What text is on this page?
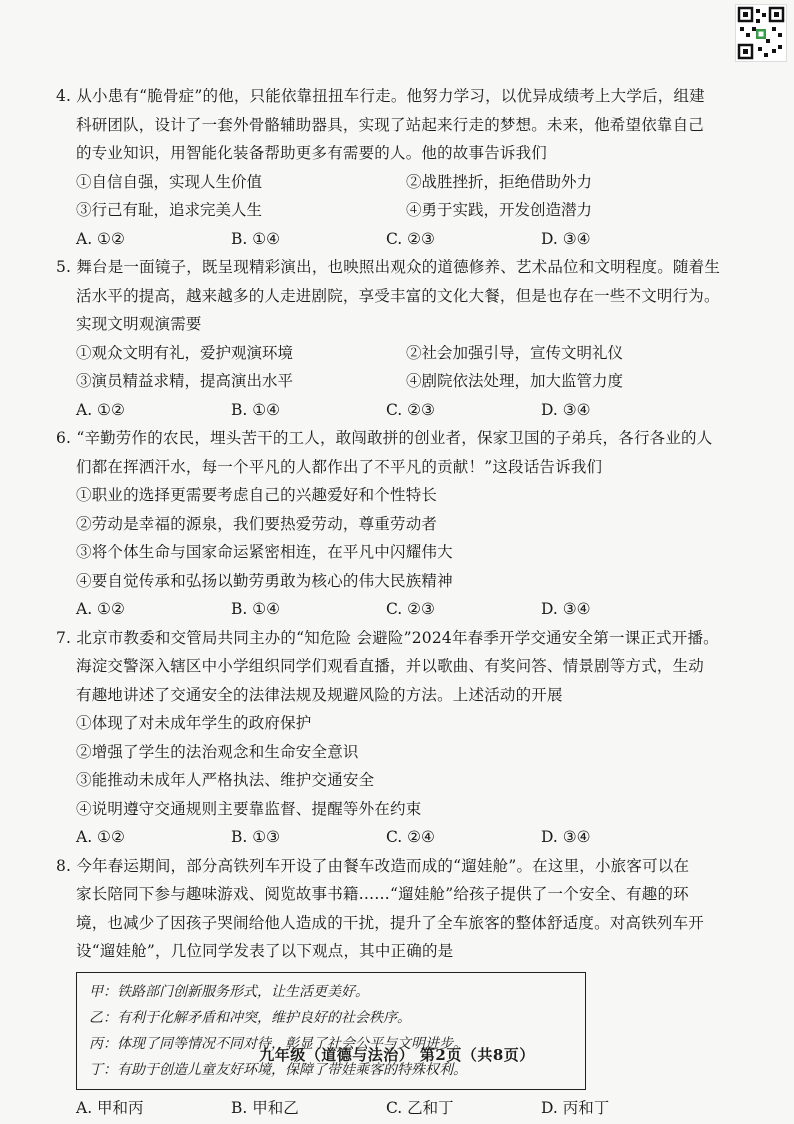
4. 从小患有“脆骨症”的他，只能依靠扭扭车行走。他努力学习，以优异成绩考上大学后，组建
科研团队，设计了一套外骨骼辅助器具，实现了站起来行走的梦想。未来，他希望依靠自己
的专业知识，用智能化装备帮助更多有需要的人。他的故事告诉我们
①自信自强，实现人生价值	②战胜挫折，拒绝借助外力
③行己有耻，追求完美人生	④勇于实践，开发创造潜力
A. ①②	B. ①④	C. ②③	D. ③④
5. 舞台是一面镜子，既呈现精彩演出，也映照出观众的道德修养、艺术品位和文明程度。随着生
活水平的提高，越来越多的人走进剧院，享受丰富的文化大餐，但是也存在一些不文明行为。
实现文明观演需要
①观众文明有礼，爱护观演环境	②社会加强引导，宣传文明礼仪
③演员精益求精，提高演出水平	④剧院依法处理，加大监管力度
A. ①②	B. ①④	C. ②③	D. ③④
6. “辛勤劳作的农民，埋头苦干的工人，敢闯敢拼的创业者，保家卫国的子弟兵，各行各业的人
们都在挥洒汗水，每一个平凡的人都作出了不平凡的贡献！”这段话告诉我们
①职业的选择更需要考虑自己的兴趣爱好和个性特长
②劳动是幸福的源泉，我们要热爱劳动，尊重劳动者
③将个体生命与国家命运紧密相连，在平凡中闪耀伟大
④要自觉传承和弘扬以勤劳勇敢为核心的伟大民族精神
A. ①②	B. ①④	C. ②③	D. ③④
7. 北京市教委和交管局共同主办的“知危险 会避险”2024年春季开学交通安全第一课正式开播。
海淀交警深入辖区中小学组织同学们观看直播，并以歌曲、有奖问答、情景剧等方式，生动
有趣地讲述了交通安全的法律法规及规避风险的方法。上述活动的开展
①体现了对未成年学生的政府保护
②增强了学生的法治观念和生命安全意识
③能推动未成年人严格执法、维护交通安全
④说明遵守交通规则主要靠监督、提醒等外在约束
A. ①②	B. ①③	C. ②④	D. ③④
8. 今年春运期间，部分高铁列车开设了由餐车改造而成的“遛娃舱”。在这里，小旅客可以在
家长陪同下参与趣味游戏、阅览故事书籍……“遛娃舱”给孩子提供了一个安全、有趣的环
境，也减少了因孩子哭闹给他人造成的干扰，提升了全车旅客的整体舒适度。对高铁列车开
设“遛娃舱”，几位同学发表了以下观点，其中正确的是
甲：铁路部门创新服务形式，让生活更美好。
乙：有利于化解矛盾和冲突，维护良好的社会秩序。
丙：体现了同等情况不同对待，彰显了社会公平与文明进步。
丁：有助于创造儿童友好环境，保障了带娃乘客的特殊权利。
A. 甲和丙	B. 甲和乙	C. 乙和丁	D. 丙和丁
九年级（道德与法治） 第2页（共8页）
